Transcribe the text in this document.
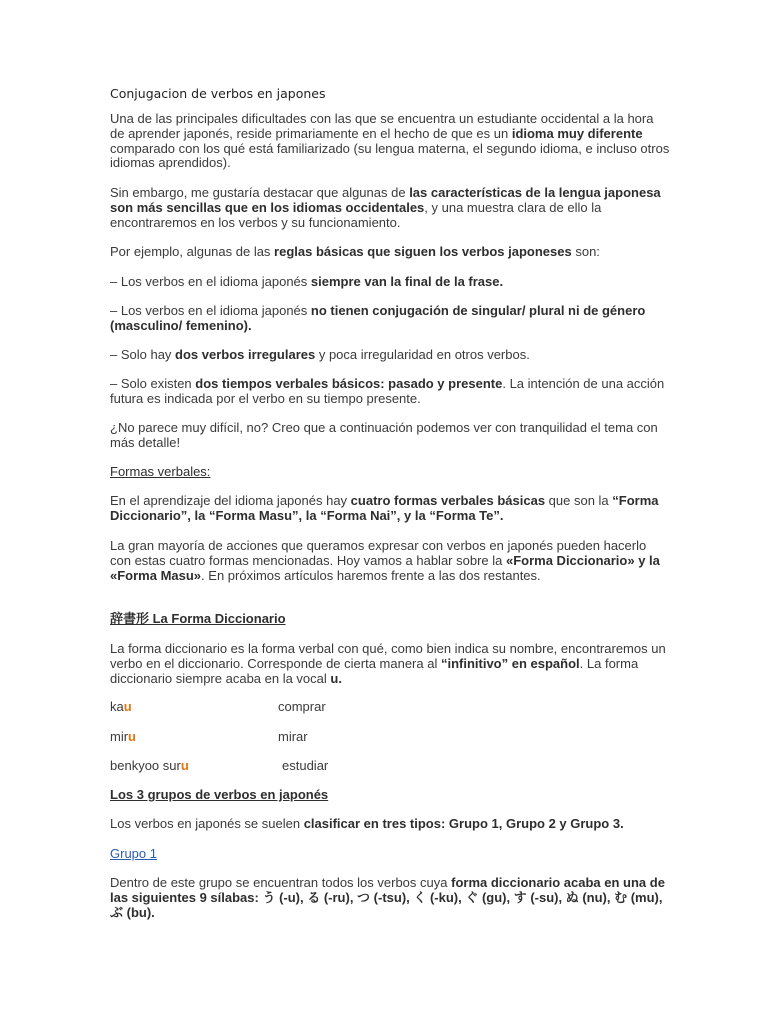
Conjugacion de verbos en japones

Una de las principales dificultades con las que se encuentra un estudiante occidental a la hora de aprender japonés, reside primariamente en el hecho de que es un idioma muy diferente comparado con los qué está familiarizado (su lengua materna, el segundo idioma, e incluso otros idiomas aprendidos).

Sin embargo, me gustaría destacar que algunas de las características de la lengua japonesa son más sencillas que en los idiomas occidentales, y una muestra clara de ello la encontraremos en los verbos y su funcionamiento.

Por ejemplo, algunas de las reglas básicas que siguen los verbos japoneses son:

– Los verbos en el idioma japonés siempre van la final de la frase.

– Los verbos en el idioma japonés no tienen conjugación de singular/ plural ni de género (masculino/ femenino).

– Solo hay dos verbos irregulares y poca irregularidad en otros verbos.

– Solo existen dos tiempos verbales básicos: pasado y presente. La intención de una acción futura es indicada por el verbo en su tiempo presente.

¿No parece muy difícil, no? Creo que a continuación podemos ver con tranquilidad el tema con más detalle!

Formas verbales:

En el aprendizaje del idioma japonés hay cuatro formas verbales básicas que son la “Forma Diccionario”, la “Forma Masu”, la “Forma Nai”, y la “Forma Te”.

La gran mayoría de acciones que queramos expresar con verbos en japonés pueden hacerlo con estas cuatro formas mencionadas. Hoy vamos a hablar sobre la «Forma Diccionario» y la «Forma Masu». En próximos artículos haremos frente a las dos restantes.

辞書形 La Forma Diccionario

La forma diccionario es la forma verbal con qué, como bien indica su nombre, encontraremos un verbo en el diccionario. Corresponde de cierta manera al “infinitivo” en español. La forma diccionario siempre acaba en la vocal u.

kau	comprar
miru	mirar
benkyoo suru	estudiar

Los 3 grupos de verbos en japonés

Los verbos en japonés se suelen clasificar en tres tipos: Grupo 1, Grupo 2 y Grupo 3.

Grupo 1

Dentro de este grupo se encuentran todos los verbos cuya forma diccionario acaba en una de las siguientes 9 sílabas: う (-u), る (-ru), つ (-tsu), く (-ku), ぐ (gu), す (-su), ぬ (nu), む (mu), ぶ (bu).
